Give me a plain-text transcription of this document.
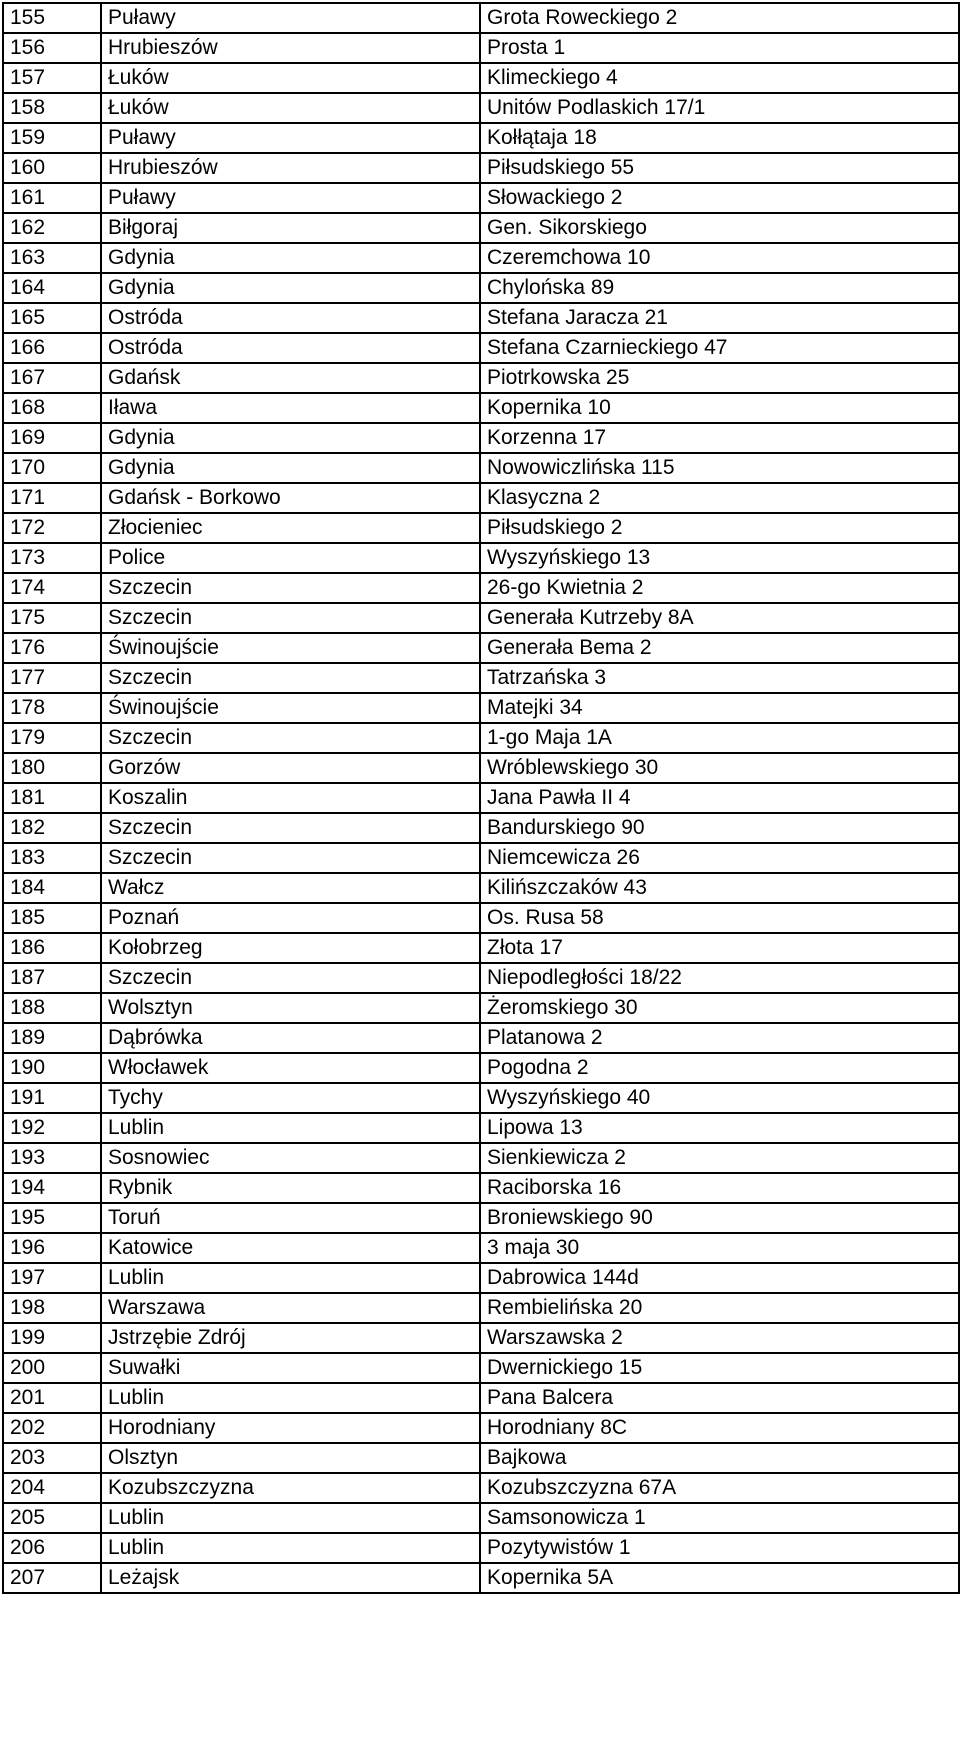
155	Puławy	Grota Roweckiego 2
156	Hrubieszów	Prosta 1
157	Łuków	Klimeckiego 4
158	Łuków	Unitów Podlaskich 17/1
159	Puławy	Kołłątaja 18
160	Hrubieszów	Piłsudskiego 55
161	Puławy	Słowackiego 2
162	Biłgoraj	Gen. Sikorskiego
163	Gdynia	Czeremchowa 10
164	Gdynia	Chylońska 89
165	Ostróda	Stefana Jaracza 21
166	Ostróda	Stefana Czarnieckiego 47
167	Gdańsk	Piotrkowska 25
168	Iława	Kopernika 10
169	Gdynia	Korzenna 17
170	Gdynia	Nowowiczlińska 115
171	Gdańsk - Borkowo	Klasyczna 2
172	Złocieniec	Piłsudskiego 2
173	Police	Wyszyńskiego 13
174	Szczecin	26-go Kwietnia 2
175	Szczecin	Generała Kutrzeby 8A
176	Świnoujście	Generała Bema 2
177	Szczecin	Tatrzańska 3
178	Świnoujście	Matejki 34
179	Szczecin	1-go Maja 1A
180	Gorzów	Wróblewskiego 30
181	Koszalin	Jana Pawła II 4
182	Szczecin	Bandurskiego 90
183	Szczecin	Niemcewicza 26
184	Wałcz	Kilińszczaków 43
185	Poznań	Os. Rusa 58
186	Kołobrzeg	Złota 17
187	Szczecin	Niepodległości 18/22
188	Wolsztyn	Żeromskiego 30
189	Dąbrówka	Platanowa 2
190	Włocławek	Pogodna 2
191	Tychy	Wyszyńskiego 40
192	Lublin	Lipowa 13
193	Sosnowiec	Sienkiewicza 2
194	Rybnik	Raciborska 16
195	Toruń	Broniewskiego 90
196	Katowice	3 maja 30
197	Lublin	Dabrowica 144d
198	Warszawa	Rembielińska 20
199	Jstrzębie Zdrój	Warszawska 2
200	Suwałki	Dwernickiego 15
201	Lublin	Pana Balcera
202	Horodniany	Horodniany 8C
203	Olsztyn	Bajkowa
204	Kozubszczyzna	Kozubszczyzna 67A
205	Lublin	Samsonowicza 1
206	Lublin	Pozytywistów 1
207	Leżajsk	Kopernika 5A
